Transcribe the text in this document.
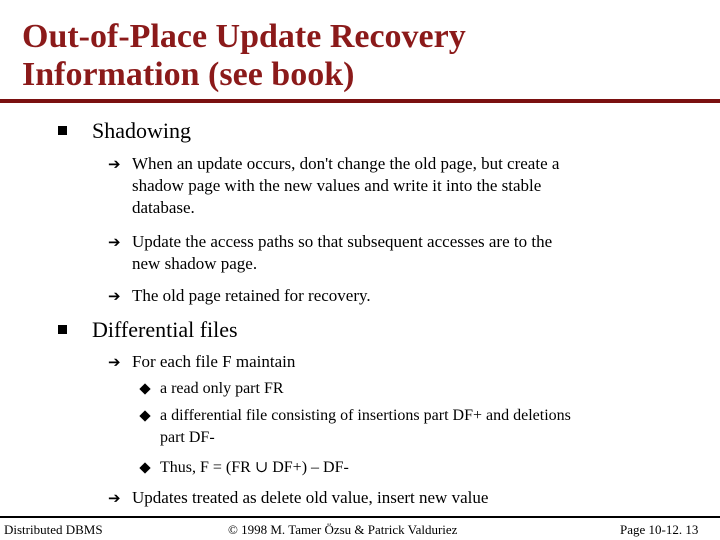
Out-of-Place Update Recovery
Information (see book)
Shadowing
➔ When an update occurs, don't change the old page, but create a
shadow page with the new values and write it into the stable
database.
➔ Update the access paths so that subsequent accesses are to the
new shadow page.
➔ The old page retained for recovery.
Differential files
➔ For each file F maintain
a read only part FR
a differential file consisting of insertions part DF+ and deletions
part DF-
Thus, F = (FR ∪ DF+) – DF-
➔ Updates treated as delete old value, insert new value
Distributed DBMS	© 1998 M. Tamer Özsu & Patrick Valduriez	Page 10-12. 13
